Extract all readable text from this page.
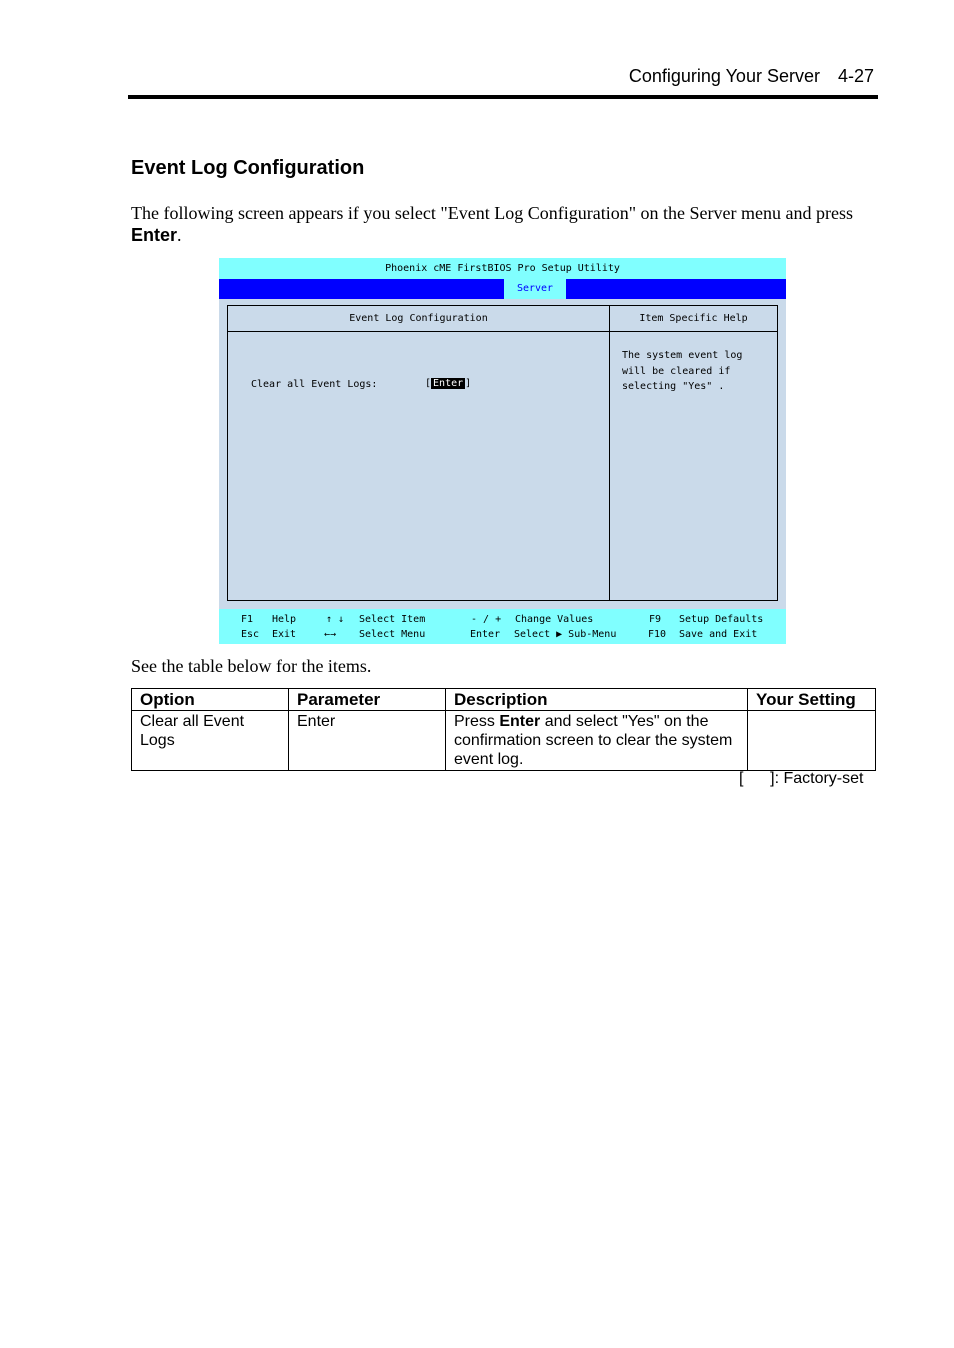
Configuring Your Server 4-27
Event Log Configuration
The following screen appears if you select "Event Log Configuration" on the Server menu and press Enter.
Phoenix cME FirstBIOS Pro Setup Utility
Server
Event Log Configuration
Clear all Event Logs:	[ Enter ]
Item Specific Help
The system event log
will be cleared if
selecting "Yes" .
F1 Help
Esc Exit
↑ ↓ Select Item
←→ Select Menu
- / + Change Values
Enter Select ▶ Sub-Menu
F9 Setup Defaults
F10 Save and Exit
See the table below for the items.
Option	Parameter	Description	Your Setting
Clear all Event Logs	Enter	Press Enter and select "Yes" on the confirmation screen to clear the system event log.	
[      ]: Factory-set
